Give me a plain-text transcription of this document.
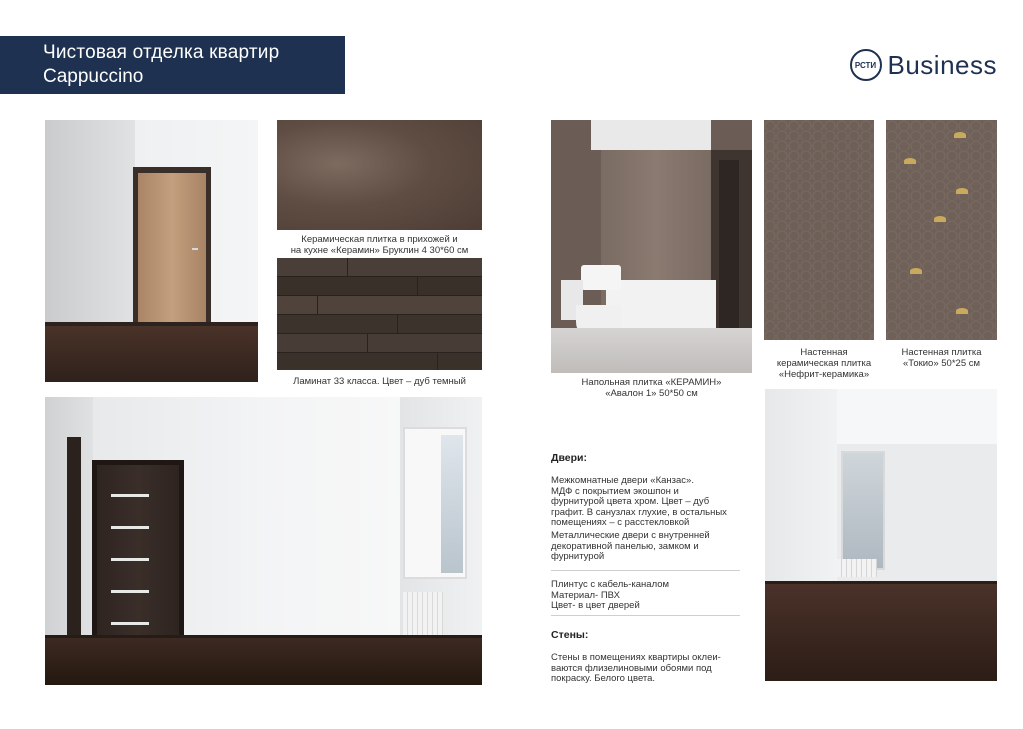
Чистовая отделка квартир
Cappuccino
РСТИ Business
Керамическая плитка в прихожей и
на кухне «Керамин» Бруклин 4 30*60 см
Ламинат 33 класса. Цвет – дуб темный	Напольная плитка «КЕРАМИН»
«Авалон 1» 50*50 см
Настенная
керамическая плитка
«Нефрит-керамика»
Настенная плитка
«Токио» 50*25 см
Двери:
Межкомнатные двери «Канзас».
МДФ с покрытием экошпон и
фурнитурой цвета хром. Цвет – дуб
графит. В санузлах глухие, в остальных
помещениях – с расстекловкой
Металлические двери с внутренней
декоративной панелью, замком и
фурнитурой
Плинтус с кабель-каналом
Материал- ПВХ
Цвет- в цвет дверей
Стены:
Стены в помещениях квартиры оклеи-
ваются флизелиновыми обоями под
покраску. Белого цвета.
